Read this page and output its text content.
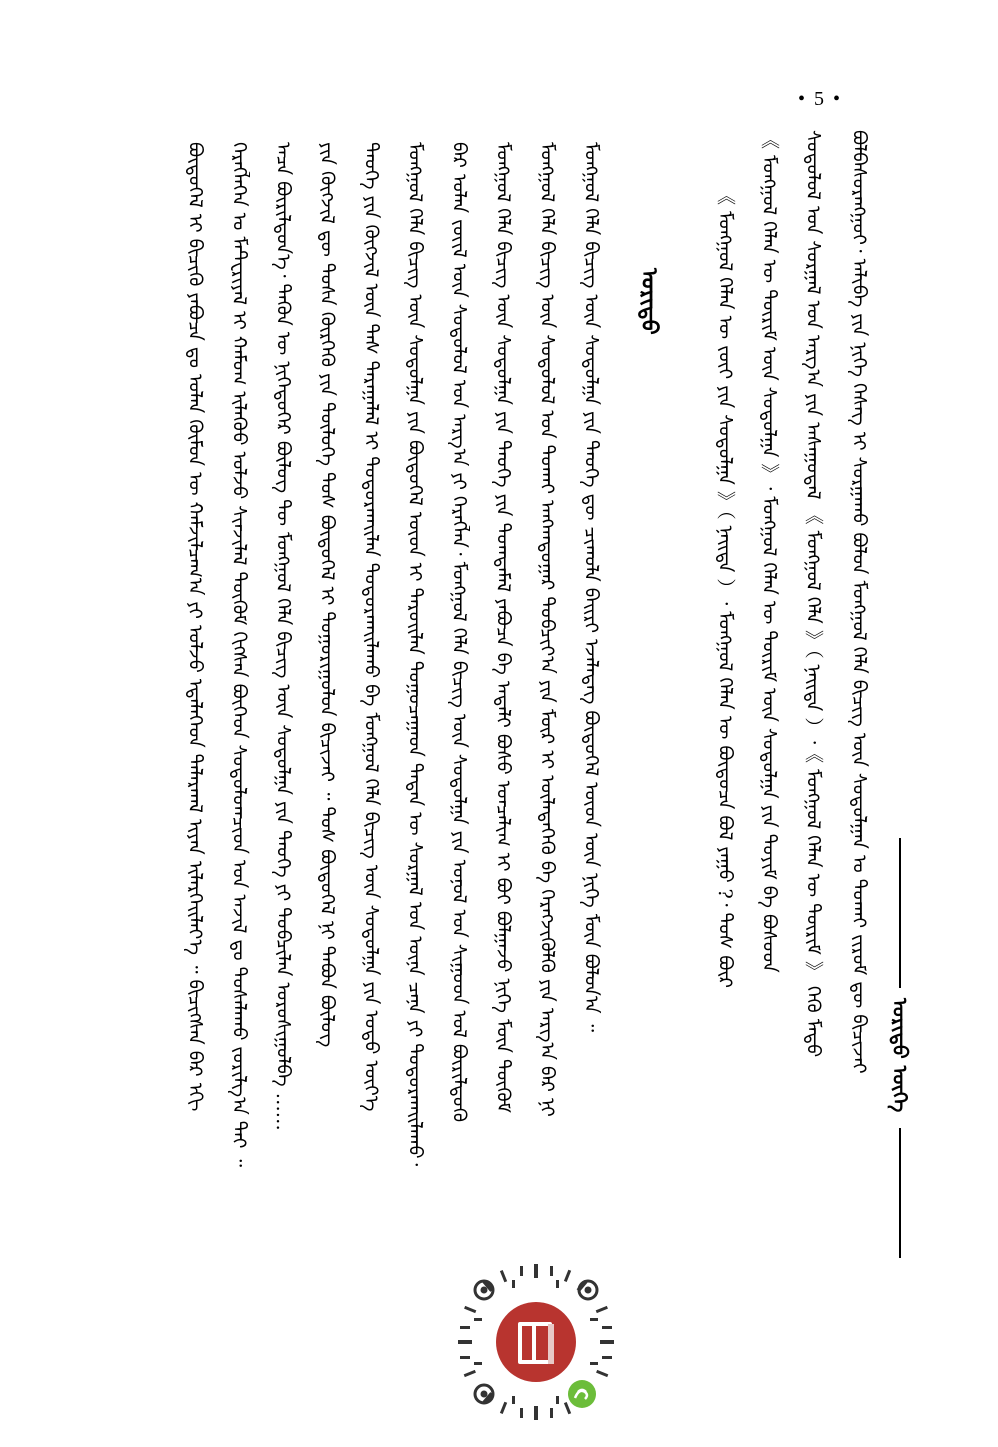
• 5 •
ᠤᠷᠢᠳᠤ ᠦᠭᠡ
ᠪᠣᠯᠪᠠᠰᠤᠷᠠᠩᠭᠤᠢ᠂ ᠠᠯᠢᠪᠠ ᠶᠢᠨ ᠨᠢᠭᠡ ᠬᠡᠰᠡᠭ ᠢ ᠰᠤᠷᠭᠠᠬᠤ ᠪᠣᠯᠤᠨ ᠮᠣᠩᠭᠣᠯ ᠬᠡᠯᠡ ᠪᠢᠴᠢᠭ ᠦᠨ ᠰᠤᠳᠤᠯᠭᠠᠨ ᠤ ᠲᠤᠬᠠᠢ ᠵᠢᠷᠤᠮ ᠳᠦ ᠪᠢᠴᠢᠵᠡᠢ
ᠰᠤᠳᠤᠯᠤᠯ ᠤᠨ ᠰᠤᠷᠭᠠᠯ ᠤᠨ ᠠᠷᠭ᠎ᠠ ᠶᠢᠨ ᠠᠰᠠᠭᠤᠳᠠᠯ 《 ᠮᠣᠩᠭᠣᠯ ᠬᠡᠯᠡ 》（ ᠨᠡᠢᠲᠡ ）᠂《 ᠮᠣᠩᠭᠣᠯ ᠬᠡᠯᠡᠨ ᠦ ᠳᠦᠷᠢᠮ 》 ᠭᠡᠬᠦ ᠮᠡᠲᠦ
《 ᠮᠣᠩᠭᠣᠯ ᠬᠡᠯᠡᠨ ᠦ ᠳᠦᠷᠢᠮ ᠦᠨ ᠰᠤᠳᠤᠯᠭᠠ 》᠂ ᠮᠣᠩᠭᠣᠯ ᠬᠡᠯᠡᠨ ᠦ ᠳᠦᠷᠢᠮ ᠦᠨ ᠰᠤᠳᠤᠯᠭᠠ ᠶᠢᠨ ᠲᠣᠶᠢᠮ ᠪᠠ ᠪᠤᠰᠤᠳ
《 ᠮᠣᠩᠭᠣᠯ ᠬᠡᠯᠡᠨ ᠦ ᠵᠦᠢ ᠶᠢᠨ ᠰᠤᠳᠤᠯᠭᠠ 》（ ᠨᠡᠢᠲᠡ ）᠂ ᠮᠣᠩᠭᠣᠯ ᠬᠡᠯᠡᠨ ᠦ ᠪᠦᠲᠦᠴᠡ ᠪᠣᠯ ᠶᠠᠭᠤ ?᠂ ᠲᠤᠰ ᠪᠦᠷ
ᠤᠷᠢᠳᠤ
ᠮᠣᠩᠭᠣᠯ ᠬᠡᠯᠡ ᠪᠢᠴᠢᠭ ᠦᠨ ᠰᠤᠳᠤᠯᠭᠠ ᠶᠢᠨ ᠲᠡᠦᠬᠡ ᠳᠦ ᠴᠢᠬᠤᠯᠠ ᠪᠠᠢᠷᠢ ᠡᠵᠡᠯᠡᠳᠡᠭ ᠪᠦᠲᠦᠭᠡᠯ ᠦᠳ ᠦᠨ ᠨᠢᠭᠡ ᠮᠥᠨ ᠪᠣᠯᠤᠨ᠎ᠠ ᠃
ᠮᠣᠩᠭᠣᠯ ᠬᠡᠯᠡ ᠪᠢᠴᠢᠭ ᠦᠨ ᠰᠤᠳᠤᠯᠤᠯ ᠤᠨ ᠲᠤᠬᠠᠢ ᠠᠩᠬᠠᠳᠤᠭᠠᠷ ᠲᠣᠪᠴᠢᠶ᠎ᠠ ᠶᠢᠨ ᠮᠥᠷ ᠢ ᠦᠯᠡᠳᠡᠭᠡᠬᠦ ᠪᠠ ᠬᠡᠷᠡᠭᠵᠢᠭᠦᠯᠬᠦ ᠶᠢᠨ ᠠᠷᠭ᠎ᠠ ᠪᠡᠷ ᠨᠢ
ᠮᠣᠩᠭᠣᠯ ᠬᠡᠯᠡ ᠪᠢᠴᠢᠭ ᠦᠨ ᠰᠤᠳᠤᠯᠭᠠ ᠶᠢᠨ ᠲᠡᠦᠬᠡ ᠶᠢᠨ ᠲᠣᠭᠳᠠᠮᠠᠯ ᠶᠠᠪᠤᠴᠠ ᠪᠠ ᠠᠳᠠᠯᠢ ᠪᠤᠰᠤ ᠣᠨᠴᠠᠯᠢᠭ ᠢ ᠪᠤᠢ ᠪᠣᠯᠭᠠᠵᠤ ᠨᠢᠭᠡ ᠮᠥᠨ ᠳᠦᠭᠦᠮ
ᠪᠠᠷ ᠣᠯᠠᠨ ᠵᠦᠢᠯ ᠦᠨ ᠰᠤᠳᠤᠯᠤᠯ ᠤᠨ ᠠᠷᠭ᠎ᠠ ᠶᠢ ᠬᠡᠷᠡᠭᠯᠡᠨ᠂ ᠮᠣᠩᠭᠣᠯ ᠬᠡᠯᠡ ᠪᠢᠴᠢᠭ ᠦᠨ ᠰᠤᠳᠤᠯᠭᠠ ᠶᠢᠨ ᠣᠨᠣᠯ ᠤᠨ ᠰᠢᠭᠤᠳ ᠤᠯ ᠪᠦᠷᠢᠯᠳᠦᠬᠦ
ᠮᠣᠩᠭᠣᠯ ᠬᠡᠯᠡ ᠪᠢᠴᠢᠭ ᠦᠨ ᠰᠤᠳᠤᠯᠭᠠ ᠶᠢᠨ ᠪᠦᠲᠦᠭᠡᠯ ᠦᠳ ᠢ ᠳᠠᠷᠤᠢᠯᠠᠨ ᠲᠣᠭᠤᠴᠠᠭᠠᠳ ᠲᠡᠳᠡᠨ ᠦ ᠰᠤᠷᠭᠠᠯ ᠤᠨ ᠦᠨᠡ ᠴᠡᠨᠡ ᠶᠢ ᠲᠣᠳᠤᠷᠬᠠᠢᠯᠠᠬᠤ᠂
ᠲᠡᠦᠬᠡ ᠶᠢᠨ ᠬᠦᠭᠵᠢᠯ ᠦᠨ ᠳᠡᠰ ᠳᠠᠷᠠᠭᠠᠯᠠᠯ ᠢ ᠲᠣᠳᠤᠷᠬᠠᠢᠯᠠᠨ ᠲᠣᠳᠣᠷᠬᠠᠢᠯᠠᠬᠤ ᠪᠠ ᠮᠣᠩᠭᠣᠯ ᠬᠡᠯᠡ ᠪᠢᠴᠢᠭ ᠦᠨ ᠰᠤᠳᠤᠯᠭᠠ ᠶᠢᠨ ᠣᠳᠣ ᠦᠶ᠎ᠡ
ᠶᠢᠨ ᠬᠦᠭᠵᠢᠯ ᠳᠦ ᠲᠤᠰᠠ ᠬᠦᠷᠭᠡᠬᠦ ᠶᠢᠨ ᠲᠥᠯᠥᠭᠡ ᠲᠤᠰ ᠪᠦᠲᠦᠭᠡᠯ ᠢ ᠲᠣᠭᠤᠷᠢᠭᠤᠯᠤᠨ ᠪᠢᠴᠢᠵᠡᠢ ᠃ ᠲᠤᠰ ᠪᠦᠲᠦᠭᠡᠯ ᠨᠢ ᠲᠠᠪᠤᠨ ᠪᠦᠯᠦᠭ
ᠠᠴᠠ ᠪᠦᠷᠢᠯᠳᠦᠨ᠎ᠡ᠂ ᠲᠡᠭᠦᠨ ᠦ ᠨᠢᠭᠡᠳᠦᠭᠡᠷ ᠪᠦᠯᠦᠭ ᠲᠦ ᠮᠣᠩᠭᠣᠯ ᠬᠡᠯᠡ ᠪᠢᠴᠢᠭ ᠦᠨ ᠰᠤᠳᠤᠯᠭᠠ ᠶᠢᠨ ᠲᠡᠦᠬᠡ ᠶᠢ ᠲᠣᠪᠴᠢᠯᠠᠨ ᠣᠷᠣᠰᠢᠭᠤᠯᠪᠠ ……
ᠬᠡᠷᠡᠭᠯᠡᠭᠡᠨ ᠤ ᠮᠠᠲ᠋ᠧᠷᠢᠶᠠᠯ ᠢ ᠬᠠᠮᠤᠭ ᠢᠯᠡᠭᠦᠦ ᠣᠯᠵᠤ ᠰᠢᠨᠵᠢᠯᠡᠯ ᠳᠦᠭᠦᠮ ᠬᠢᠭᠰᠡᠨ ᠪᠥᠭᠡᠳ ᠰᠤᠳᠤᠯᠤᠭᠴᠢᠳ ᠤᠨ ᠠᠵᠢᠯ ᠳᠤ ᠲᠤᠰᠠᠯᠠᠬᠤ ᠵᠣᠷᠢᠯᠭ᠎ᠠ ᠲᠠᠢ ᠃
ᠪᠦᠲᠦᠭᠡᠯ ᠢ ᠪᠢᠴᠢᠬᠦ ᠶᠠᠪᠤᠴᠠ ᠳᠤ ᠣᠯᠠᠨ ᠬᠦᠮᠦᠨ ᠦ ᠬᠠᠮᠵᠢᠯᠴᠠᠭ᠎ᠠ ᠶᠢ ᠣᠯᠵᠤ ᠡᠳᠡᠯᠡᠭᠡᠳ ᠲᠠᠯᠠᠷᠬᠠᠯ ᠢᠶᠠᠨ ᠢᠯᠡᠷᠬᠡᠢᠯᠡᠶ᠎ᠡ ᠃ ᠪᠢᠴᠢᠭᠰᠡᠨ ᠪᠡᠷ ᠡᠬᠢ
